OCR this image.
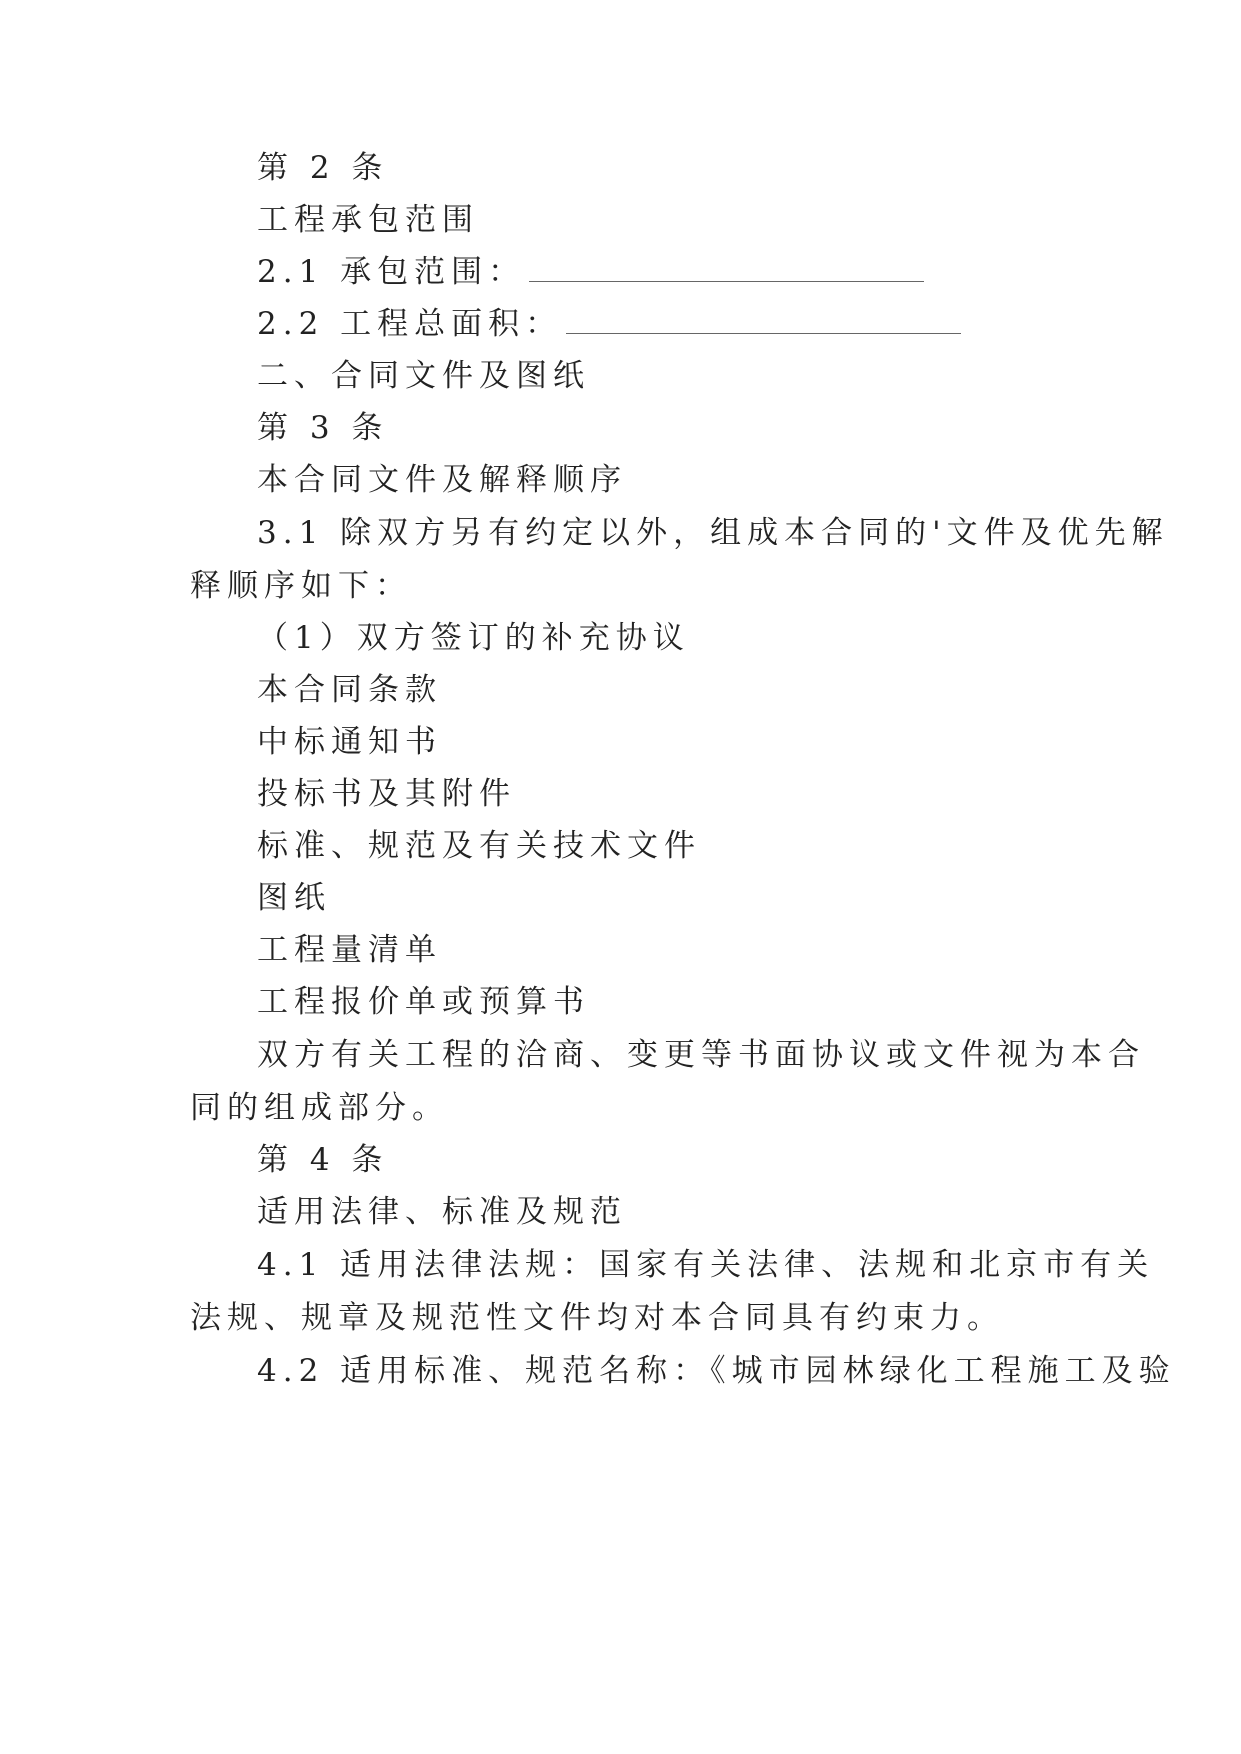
第 2 条
工程承包范围
2.1 承包范围：
2.2 工程总面积：
二、合同文件及图纸
第 3 条
本合同文件及解释顺序
3.1 除双方另有约定以外，组成本合同的'文件及优先解
释顺序如下：
（1）双方签订的补充协议
本合同条款
中标通知书
投标书及其附件
标准、规范及有关技术文件
图纸
工程量清单
工程报价单或预算书
双方有关工程的洽商、变更等书面协议或文件视为本合
同的组成部分。
第 4 条
适用法律、标准及规范
4.1 适用法律法规：国家有关法律、法规和北京市有关
法规、规章及规范性文件均对本合同具有约束力。
4.2 适用标准、规范名称：《城市园林绿化工程施工及验
